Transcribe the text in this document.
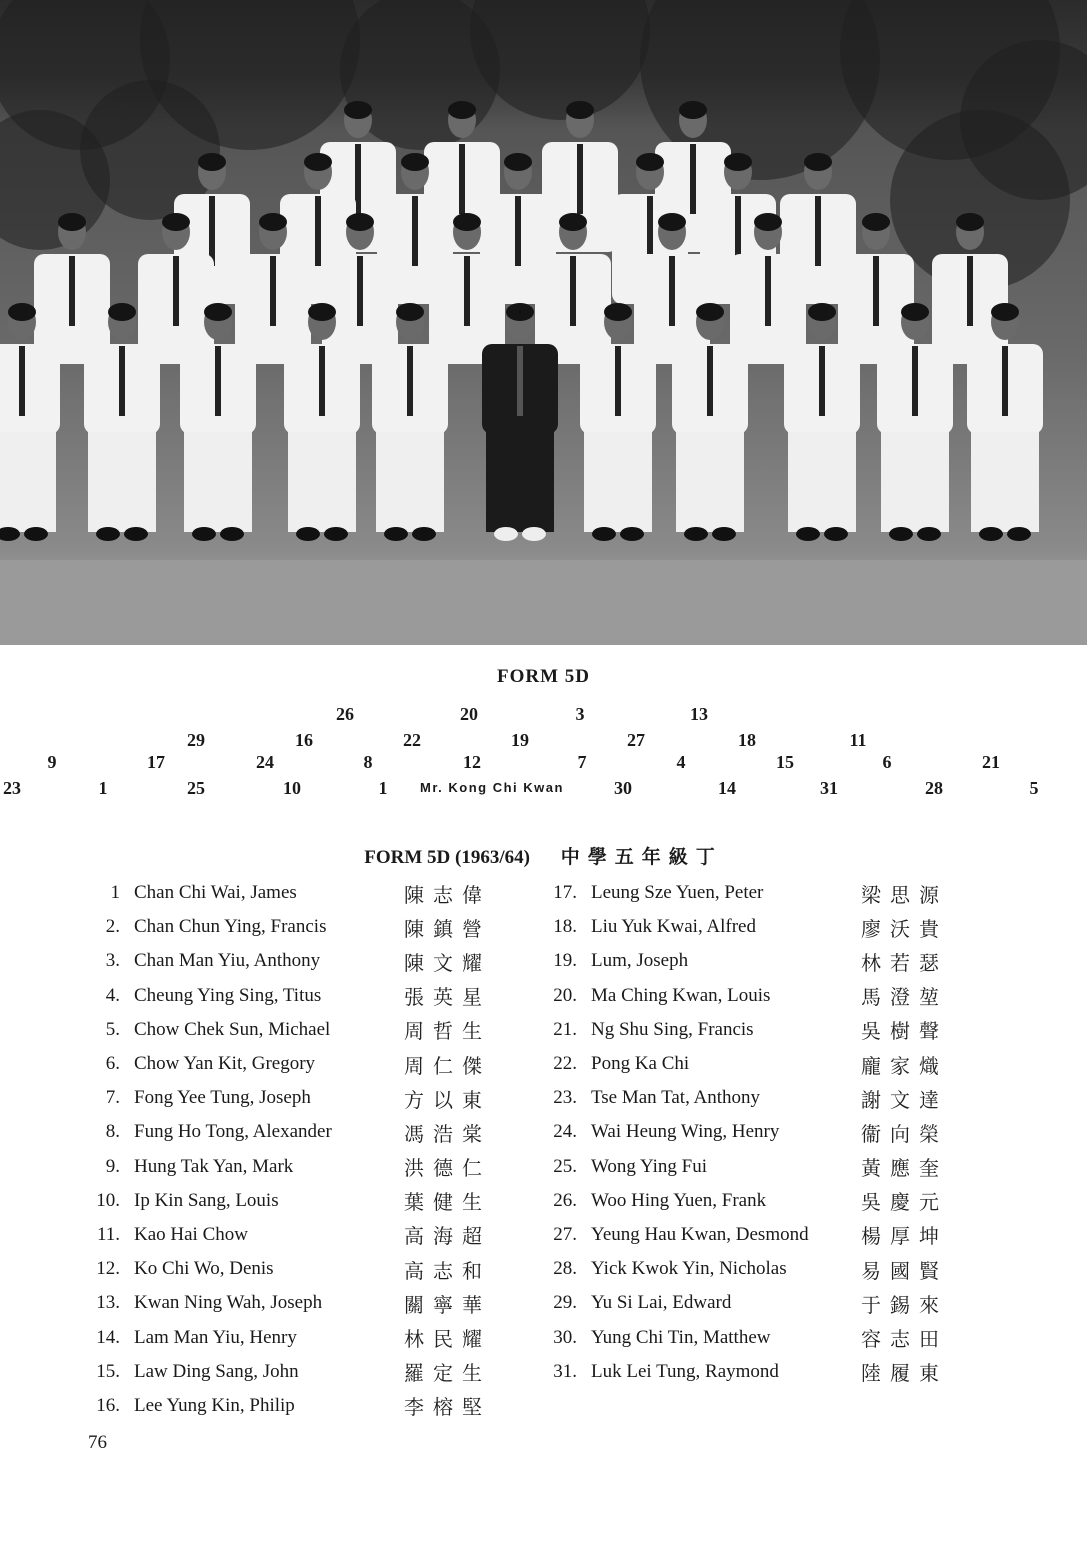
FORM 5D
26	20	3	13
29	16	22	19	27	18	11
9	17	24	8	12	7	4	15	6	21
23	1	25	10	1	30	14	31	28	5
Mr. Kong Chi Kwan
FORM 5D (1963/64) 中學五年級丁
1 Chan Chi Wai, James	陳志偉
2. Chan Chun Ying, Francis	陳鎮營
3. Chan Man Yiu, Anthony	陳文耀
4. Cheung Ying Sing, Titus	張英星
5. Chow Chek Sun, Michael	周哲生
6. Chow Yan Kit, Gregory	周仁傑
7. Fong Yee Tung, Joseph	方以東
8. Fung Ho Tong, Alexander	馮浩棠
9. Hung Tak Yan, Mark	洪德仁
10. Ip Kin Sang, Louis	葉健生
11. Kao Hai Chow	高海超
12. Ko Chi Wo, Denis	高志和
13. Kwan Ning Wah, Joseph	關寧華
14. Lam Man Yiu, Henry	林民耀
15. Law Ding Sang, John	羅定生
16. Lee Yung Kin, Philip	李榕堅
17. Leung Sze Yuen, Peter	梁思源
18. Liu Yuk Kwai, Alfred	廖沃貴
19. Lum, Joseph	林若瑟
20. Ma Ching Kwan, Louis	馬澄堃
21. Ng Shu Sing, Francis	吳樹聲
22. Pong Ka Chi	龐家熾
23. Tse Man Tat, Anthony	謝文達
24. Wai Heung Wing, Henry	衞向榮
25. Wong Ying Fui	黃應奎
26. Woo Hing Yuen, Frank	吳慶元
27. Yeung Hau Kwan, Desmond	楊厚坤
28. Yick Kwok Yin, Nicholas	易國賢
29. Yu Si Lai, Edward	于錫來
30. Yung Chi Tin, Matthew	容志田
31. Luk Lei Tung, Raymond	陸履東
76
